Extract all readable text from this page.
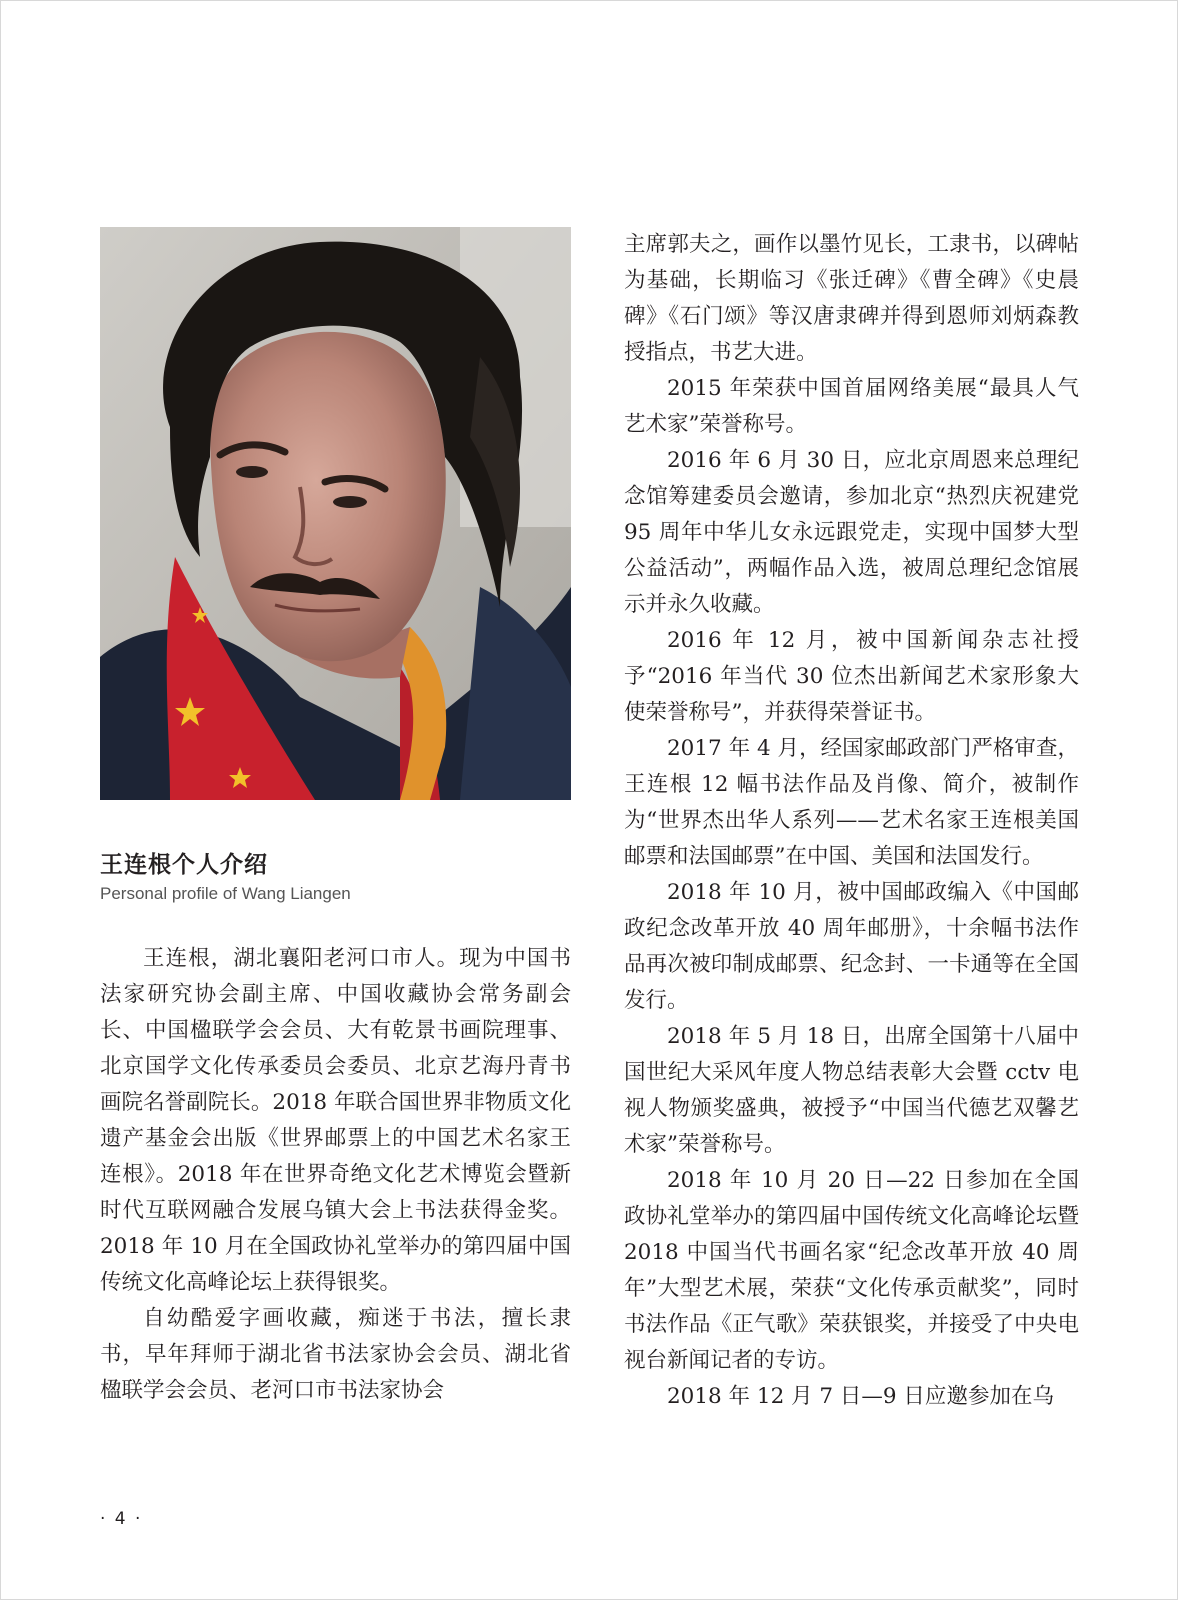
王连根个人介绍
Personal profile of Wang Liangen

王连根，湖北襄阳老河口市人。现为中国书法家研究协会副主席、中国收藏协会常务副会长、中国楹联学会会员、大有乾景书画院理事、北京国学文化传承委员会委员、北京艺海丹青书画院名誉副院长。2018 年联合国世界非物质文化遗产基金会出版《世界邮票上的中国艺术名家王连根》。2018 年在世界奇绝文化艺术博览会暨新时代互联网融合发展乌镇大会上书法获得金奖。2018 年 10 月在全国政协礼堂举办的第四届中国传统文化高峰论坛上获得银奖。

自幼酷爱字画收藏，痴迷于书法，擅长隶书，早年拜师于湖北省书法家协会会员、湖北省楹联学会会员、老河口市书法家协会

主席郭夫之，画作以墨竹见长，工隶书，以碑帖为基础，长期临习《张迁碑》《曹全碑》《史晨碑》《石门颂》等汉唐隶碑并得到恩师刘炳森教授指点，书艺大进。

2015 年荣获中国首届网络美展“最具人气艺术家”荣誉称号。

2016 年 6 月 30 日，应北京周恩来总理纪念馆筹建委员会邀请，参加北京“热烈庆祝建党 95 周年中华儿女永远跟党走，实现中国梦大型公益活动”，两幅作品入选，被周总理纪念馆展示并永久收藏。

2016 年 12 月，被中国新闻杂志社授予“2016 年当代 30 位杰出新闻艺术家形象大使荣誉称号”，并获得荣誉证书。

2017 年 4 月，经国家邮政部门严格审查，王连根 12 幅书法作品及肖像、简介，被制作为“世界杰出华人系列——艺术名家王连根美国邮票和法国邮票”在中国、美国和法国发行。

2018 年 10 月，被中国邮政编入《中国邮政纪念改革开放 40 周年邮册》，十余幅书法作品再次被印制成邮票、纪念封、一卡通等在全国发行。

2018 年 5 月 18 日，出席全国第十八届中国世纪大采风年度人物总结表彰大会暨 cctv 电视人物颁奖盛典，被授予“中国当代德艺双馨艺术家”荣誉称号。

2018 年 10 月 20 日—22 日参加在全国政协礼堂举办的第四届中国传统文化高峰论坛暨 2018 中国当代书画名家“纪念改革开放 40 周年”大型艺术展，荣获“文化传承贡献奖”，同时书法作品《正气歌》荣获银奖，并接受了中央电视台新闻记者的专访。

2018 年 12 月 7 日—9 日应邀参加在乌

· 4 ·
